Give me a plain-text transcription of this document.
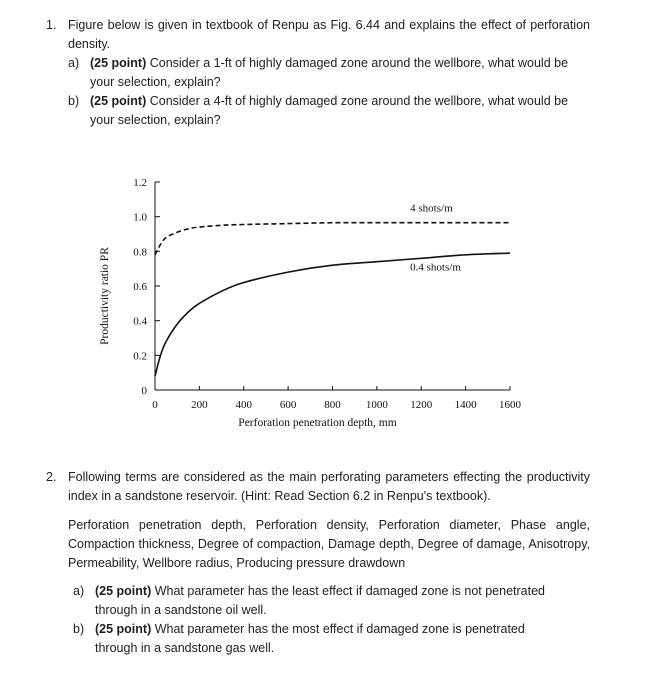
1. Figure below is given in textbook of Renpu as Fig. 6.44 and explains the effect of perforation density.
a) (25 point) Consider a 1-ft of highly damaged zone around the wellbore, what would be
your selection, explain?
b) (25 point) Consider a 4-ft of highly damaged zone around the wellbore, what would be
your selection, explain?
0
0.2
0.4
0.6
0.8
1.0
1.2
0	200	400	600	800 1000 1200 1400 1600
Perforation penetration depth, mm
Productivity ratio PR
4 shots/m
0.4 shots/m
2. Following terms are considered as the main perforating parameters effecting the productivity index in a sandstone reservoir. (Hint: Read Section 6.2 in Renpu's textbook).
Perforation penetration depth, Perforation density, Perforation diameter, Phase angle, Compaction thickness, Degree of compaction, Damage depth, Degree of damage, Anisotropy, Permeability, Wellbore radius, Producing pressure drawdown
a) (25 point) What parameter has the least effect if damaged zone is not penetrated
through in a sandstone oil well.
b) (25 point) What parameter has the most effect if damaged zone is penetrated
through in a sandstone gas well.
